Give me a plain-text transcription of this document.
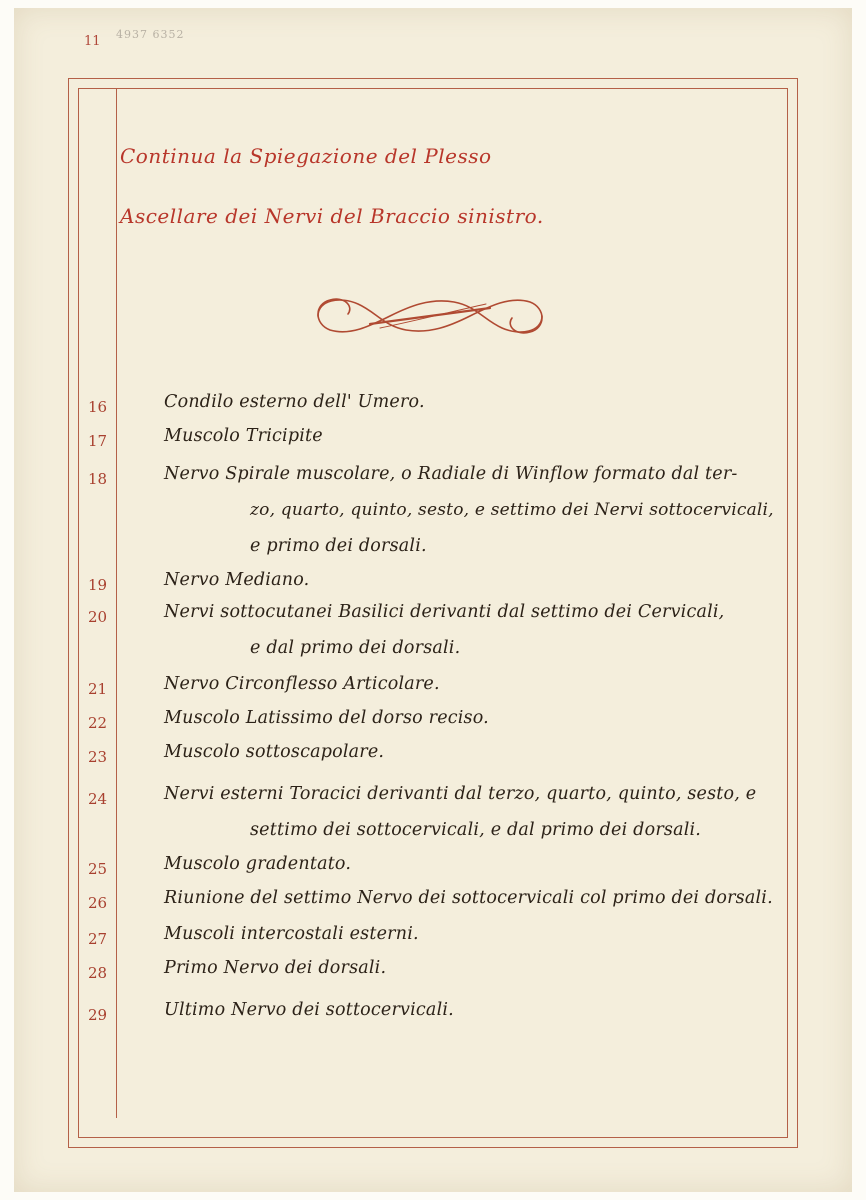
11 4937 6352
Continua la Spiegazione del Plesso
Ascellare dei Nervi del Braccio sinistro.
16	Condilo esterno dell' Umero.
17	Muscolo Tricipite
18	Nervo Spirale muscolare, o Radiale di Winflow formato dal ter-
zo, quarto, quinto, sesto, e settimo dei Nervi sottocervicali,
e primo dei dorsali.
19	Nervo Mediano.
20	Nervi sottocutanei Basilici derivanti dal settimo dei Cervicali,
e dal primo dei dorsali.
21	Nervo Circonflesso Articolare.
22	Muscolo Latissimo del dorso reciso.
23	Muscolo sottoscapolare.
24	Nervi esterni Toracici derivanti dal terzo, quarto, quinto, sesto, e
settimo dei sottocervicali, e dal primo dei dorsali.
25	Muscolo gradentato.
26	Riunione del settimo Nervo dei sottocervicali col primo dei dorsali.
27	Muscoli intercostali esterni.
28	Primo Nervo dei dorsali.
29	Ultimo Nervo dei sottocervicali.
